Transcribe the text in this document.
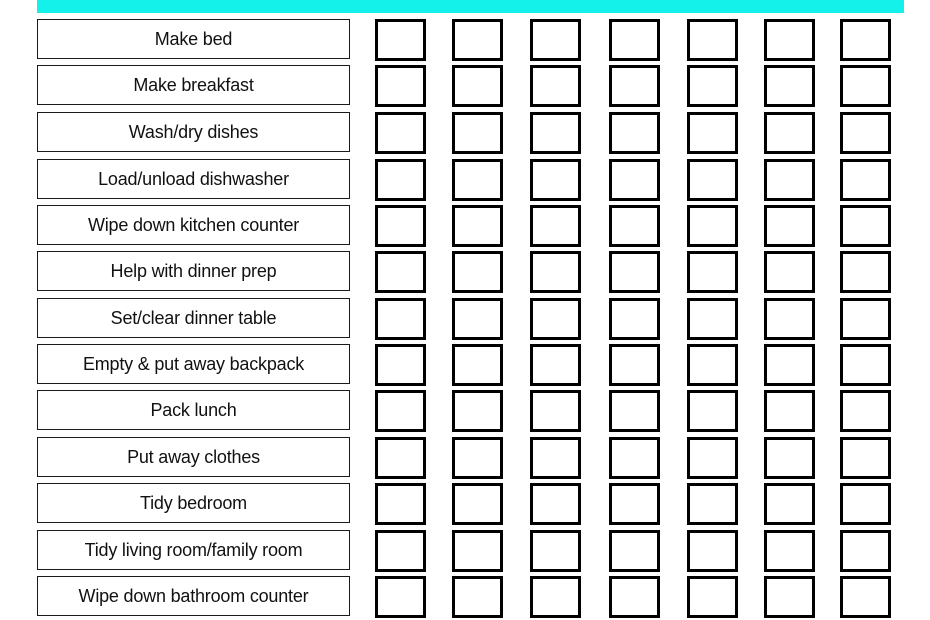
Make bed
Make breakfast
Wash/dry dishes
Load/unload dishwasher
Wipe down kitchen counter
Help with dinner prep
Set/clear dinner table
Empty & put away backpack
Pack lunch
Put away clothes
Tidy bedroom
Tidy living room/family room
Wipe down bathroom counter
